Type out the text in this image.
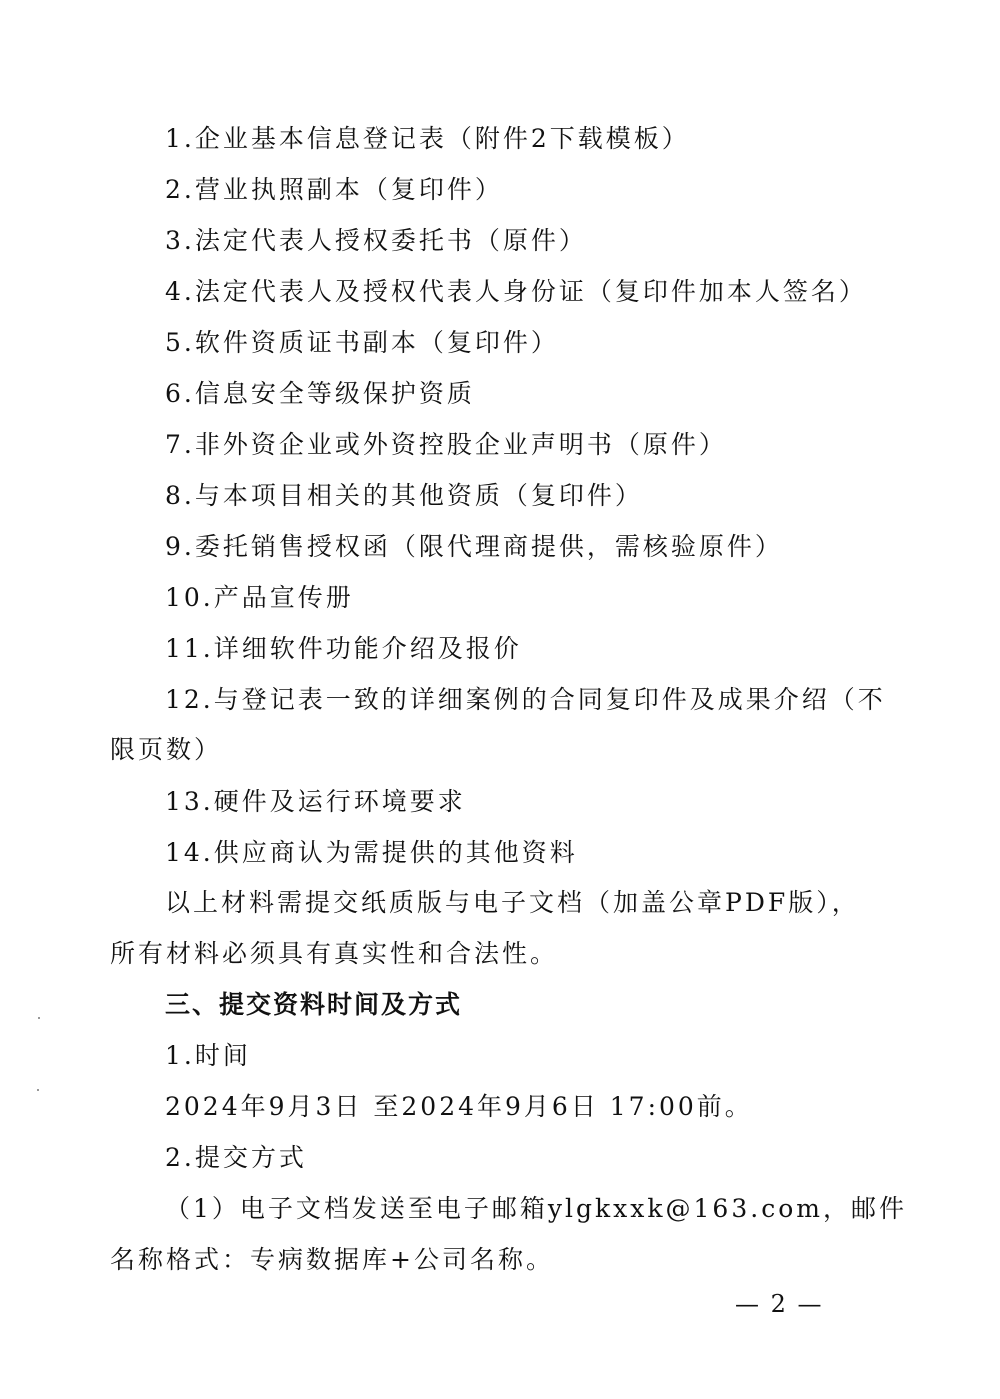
1.企业基本信息登记表（附件2下载模板）
2.营业执照副本（复印件）
3.法定代表人授权委托书（原件）
4.法定代表人及授权代表人身份证（复印件加本人签名）
5.软件资质证书副本（复印件）
6.信息安全等级保护资质
7.非外资企业或外资控股企业声明书（原件）
8.与本项目相关的其他资质（复印件）
9.委托销售授权函（限代理商提供，需核验原件）
10.产品宣传册
11.详细软件功能介绍及报价
12.与登记表一致的详细案例的合同复印件及成果介绍（不
限页数）
13.硬件及运行环境要求
14.供应商认为需提供的其他资料
以上材料需提交纸质版与电子文档（加盖公章PDF版），
所有材料必须具有真实性和合法性。
三、提交资料时间及方式
1.时间
2024年9月3日 至2024年9月6日 17:00前。
2.提交方式
（1）电子文档发送至电子邮箱ylgkxxk@163.com，邮件
名称格式：专病数据库+公司名称。
— 2 —
